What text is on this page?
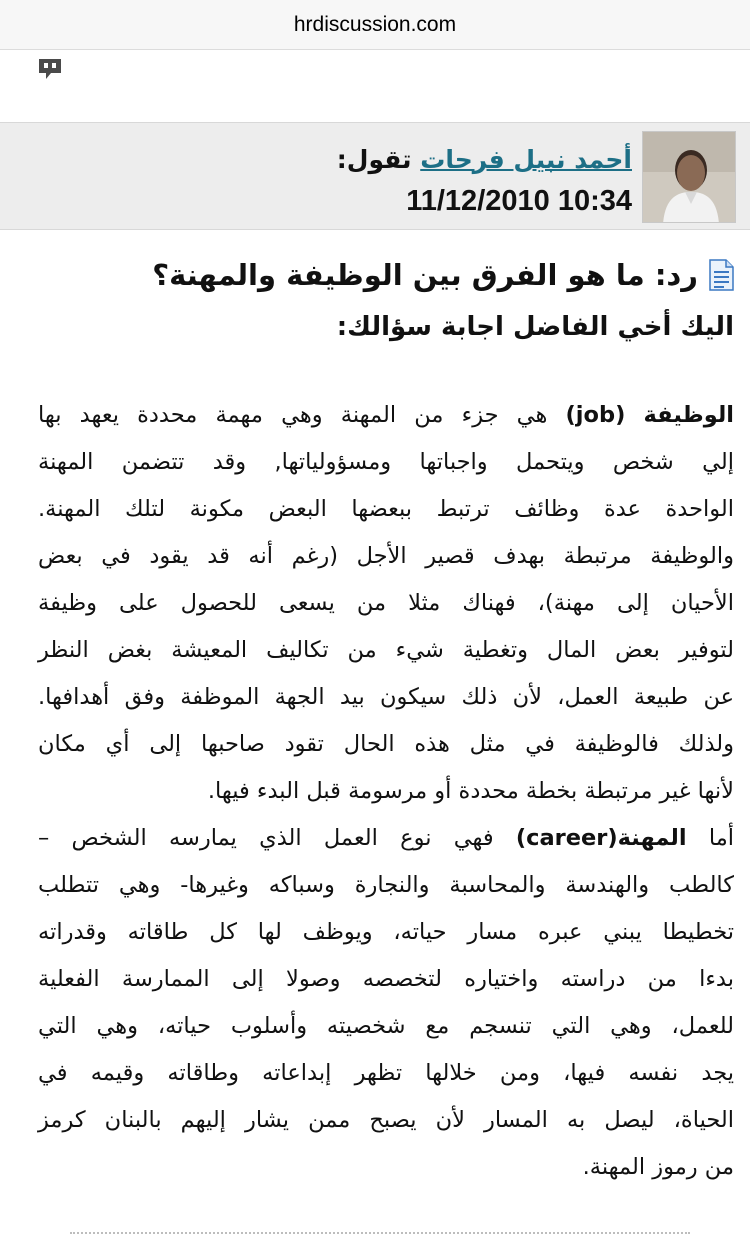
hrdiscussion.com
أحمد نبيل فرحات تقول:
11/12/2010 10:34
رد: ما هو الفرق بين الوظيفة والمهنة؟
اليك أخي الفاضل اجابة سؤالك:
الوظيفة (job) هي جزء من المهنة وهي مهمة محددة يعهد بها
إلي شخص ويتحمل واجباتها ومسؤولياتها, وقد تتضمن المهنة
الواحدة عدة وظائف ترتبط ببعضها البعض مكونة لتلك المهنة.
والوظيفة مرتبطة بهدف قصير الأجل (رغم أنه قد يقود في بعض
الأحيان إلى مهنة)، فهناك مثلا من يسعى للحصول على وظيفة
لتوفير بعض المال وتغطية شيء من تكاليف المعيشة بغض النظر
عن طبيعة العمل، لأن ذلك سيكون بيد الجهة الموظفة وفق أهدافها.
ولذلك فالوظيفة في مثل هذه الحال تقود صاحبها إلى أي مكان
لأنها غير مرتبطة بخطة محددة أو مرسومة قبل البدء فيها.
أما المهنة(career) فهي نوع العمل الذي يمارسه الشخص –
كالطب والهندسة والمحاسبة والنجارة وسباكه وغيرها- وهي تتطلب
تخطيطا يبني عبره مسار حياته، ويوظف لها كل طاقاته وقدراته
بدءا من دراسته واختياره لتخصصه وصولا إلى الممارسة الفعلية
للعمل، وهي التي تنسجم مع شخصيته وأسلوب حياته، وهي التي
يجد نفسه فيها، ومن خلالها تظهر إبداعاته وطاقاته وقيمه في
الحياة، ليصل به المسار لأن يصبح ممن يشار إليهم بالبنان كرمز
من رموز المهنة.
